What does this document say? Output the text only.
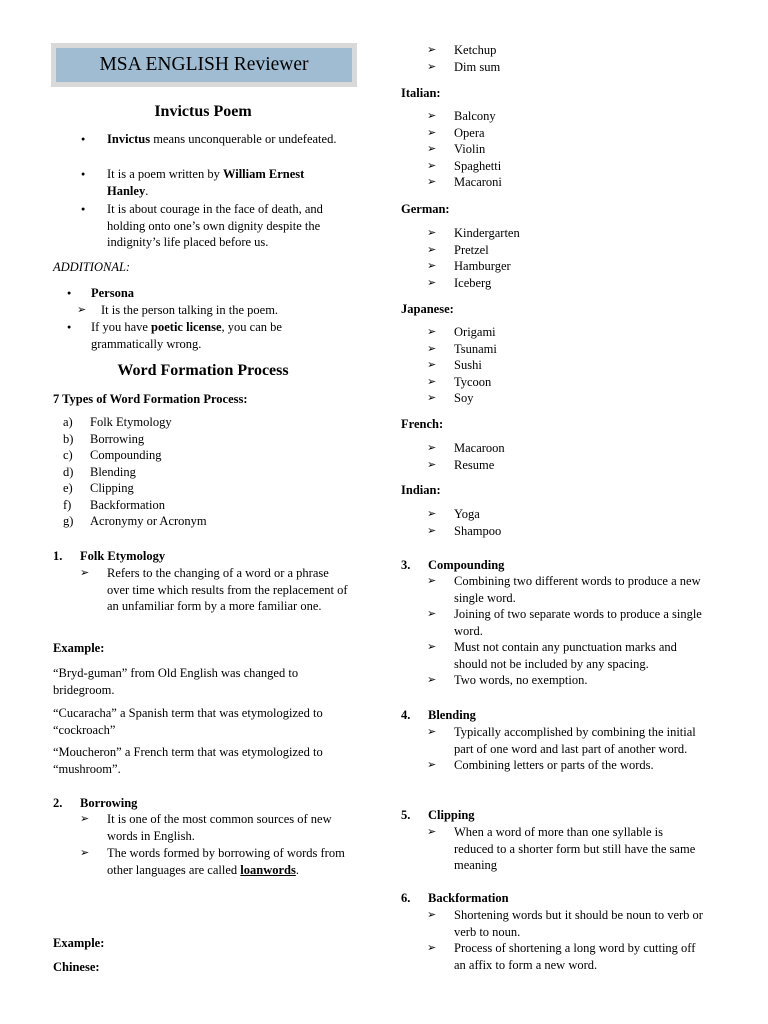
MSA ENGLISH Reviewer
Invictus Poem
● Invictus means unconquerable or undefeated.
● It is a poem written by William Ernest Hanley.
● It is about courage in the face of death, and holding onto one’s own dignity despite the indignity’s life placed before us.
ADDITIONAL:
Persona
●
➢ It is the person talking in the poem.
● If you have poetic license, you can be grammatically wrong.
Word Formation Process
7 Types of Word Formation Process:
a) Folk Etymology
b) Borrowing
c) Compounding
d) Blending
e) Clipping
f) Backformation
g) Acronymy or Acronym
1. Folk Etymology
➢ Refers to the changing of a word or a phrase over time which results from the replacement of an unfamiliar form by a more familiar one.
Example:
“Bryd-guman” from Old English was changed to bridegroom.
“Cucaracha” a Spanish term that was etymologized to “cockroach”
“Moucheron” a French term that was etymologized to “mushroom”.
2. Borrowing
➢ It is one of the most common sources of new words in English.
➢ The words formed by borrowing of words from other languages are called loanwords.
Example:
Chinese:
➢ Ketchup
➢ Dim sum
Italian:
➢ Balcony
➢ Opera
➢ Violin
➢ Spaghetti
➢ Macaroni
German:
➢ Kindergarten
➢ Pretzel
➢ Hamburger
➢ Iceberg
Japanese:
➢ Origami
➢ Tsunami
➢ Sushi
➢ Tycoon
➢ Soy
French:
➢ Macaroon
➢ Resume
Indian:
➢ Yoga
➢ Shampoo
3. Compounding
➢ Combining two different words to produce a new single word.
➢ Joining of two separate words to produce a single word.
➢ Must not contain any punctuation marks and should not be included by any spacing.
➢ Two words, no exemption.
4. Blending
➢ Typically accomplished by combining the initial part of one word and last part of another word.
➢ Combining letters or parts of the words.
5. Clipping
➢ When a word of more than one syllable is reduced to a shorter form but still have the same meaning
6. Backformation
➢ Shortening words but it should be noun to verb or verb to noun.
➢ Process of shortening a long word by cutting off an affix to form a new word.
